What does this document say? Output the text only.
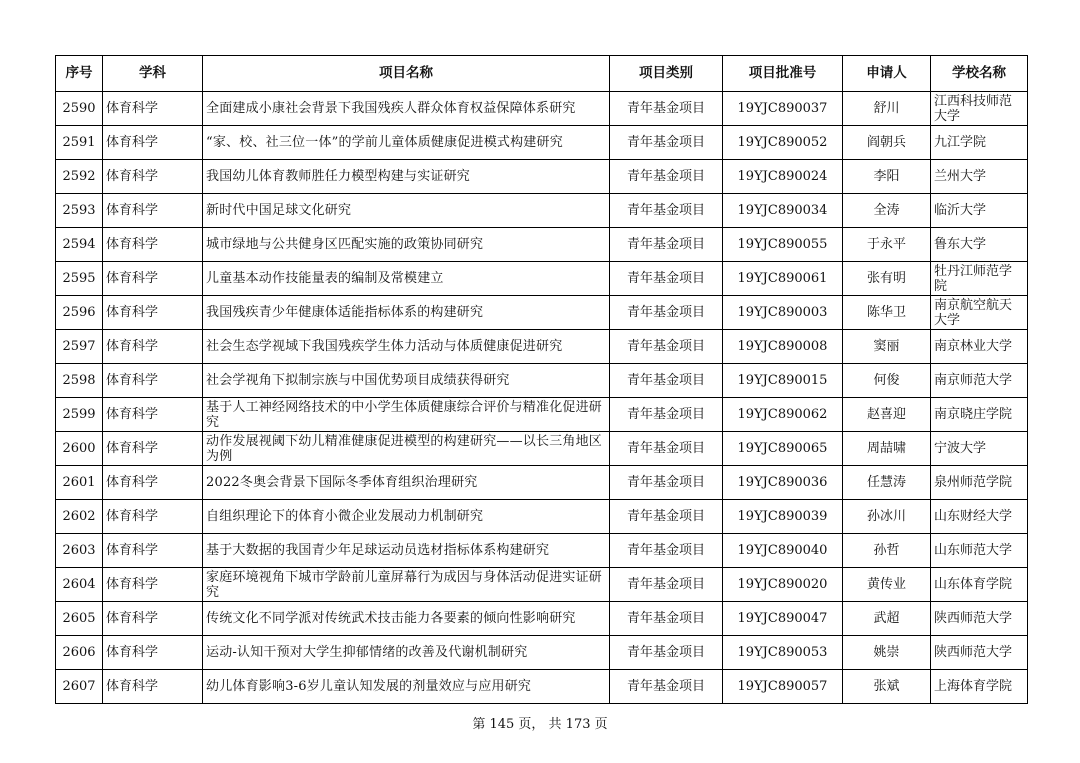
序号	学科	项目名称	项目类别	项目批准号	申请人	学校名称
2590	体育科学	全面建成小康社会背景下我国残疾人群众体育权益保障体系研究	青年基金项目	19YJC890037	舒川	江西科技师范大学
2591	体育科学	“家、校、社三位一体”的学前儿童体质健康促进模式构建研究	青年基金项目	19YJC890052	阎朝兵	九江学院
2592	体育科学	我国幼儿体育教师胜任力模型构建与实证研究	青年基金项目	19YJC890024	李阳	兰州大学
2593	体育科学	新时代中国足球文化研究	青年基金项目	19YJC890034	全涛	临沂大学
2594	体育科学	城市绿地与公共健身区匹配实施的政策协同研究	青年基金项目	19YJC890055	于永平	鲁东大学
2595	体育科学	儿童基本动作技能量表的编制及常模建立	青年基金项目	19YJC890061	张有明	牡丹江师范学院
2596	体育科学	我国残疾青少年健康体适能指标体系的构建研究	青年基金项目	19YJC890003	陈华卫	南京航空航天大学
2597	体育科学	社会生态学视域下我国残疾学生体力活动与体质健康促进研究	青年基金项目	19YJC890008	窦丽	南京林业大学
2598	体育科学	社会学视角下拟制宗族与中国优势项目成绩获得研究	青年基金项目	19YJC890015	何俊	南京师范大学
2599	体育科学	基于人工神经网络技术的中小学生体质健康综合评价与精准化促进研究	青年基金项目	19YJC890062	赵喜迎	南京晓庄学院
2600	体育科学	动作发展视阈下幼儿精准健康促进模型的构建研究——以长三角地区为例	青年基金项目	19YJC890065	周喆啸	宁波大学
2601	体育科学	2022冬奥会背景下国际冬季体育组织治理研究	青年基金项目	19YJC890036	任慧涛	泉州师范学院
2602	体育科学	自组织理论下的体育小微企业发展动力机制研究	青年基金项目	19YJC890039	孙冰川	山东财经大学
2603	体育科学	基于大数据的我国青少年足球运动员选材指标体系构建研究	青年基金项目	19YJC890040	孙哲	山东师范大学
2604	体育科学	家庭环境视角下城市学龄前儿童屏幕行为成因与身体活动促进实证研究	青年基金项目	19YJC890020	黄传业	山东体育学院
2605	体育科学	传统文化不同学派对传统武术技击能力各要素的倾向性影响研究	青年基金项目	19YJC890047	武超	陕西师范大学
2606	体育科学	运动-认知干预对大学生抑郁情绪的改善及代谢机制研究	青年基金项目	19YJC890053	姚崇	陕西师范大学
2607	体育科学	幼儿体育影响3-6岁儿童认知发展的剂量效应与应用研究	青年基金项目	19YJC890057	张斌	上海体育学院
第 145 页， 共 173 页
